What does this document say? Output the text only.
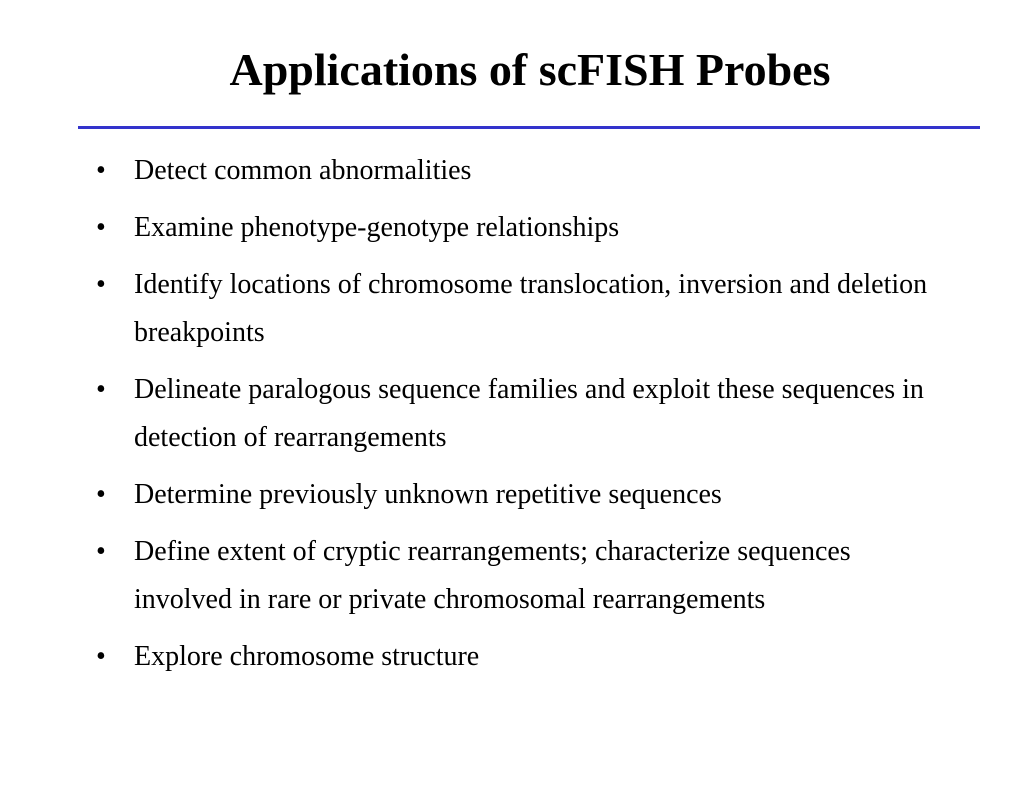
Applications of scFISH Probes
•	Detect common abnormalities
•	Examine phenotype-genotype relationships
•	Identify locations of chromosome translocation, inversion and deletion breakpoints
•	Delineate paralogous sequence families and exploit these sequences in detection of rearrangements
•	Determine previously unknown repetitive sequences
•	Define extent of cryptic rearrangements; characterize sequences involved in rare or private chromosomal rearrangements
•	Explore chromosome structure
